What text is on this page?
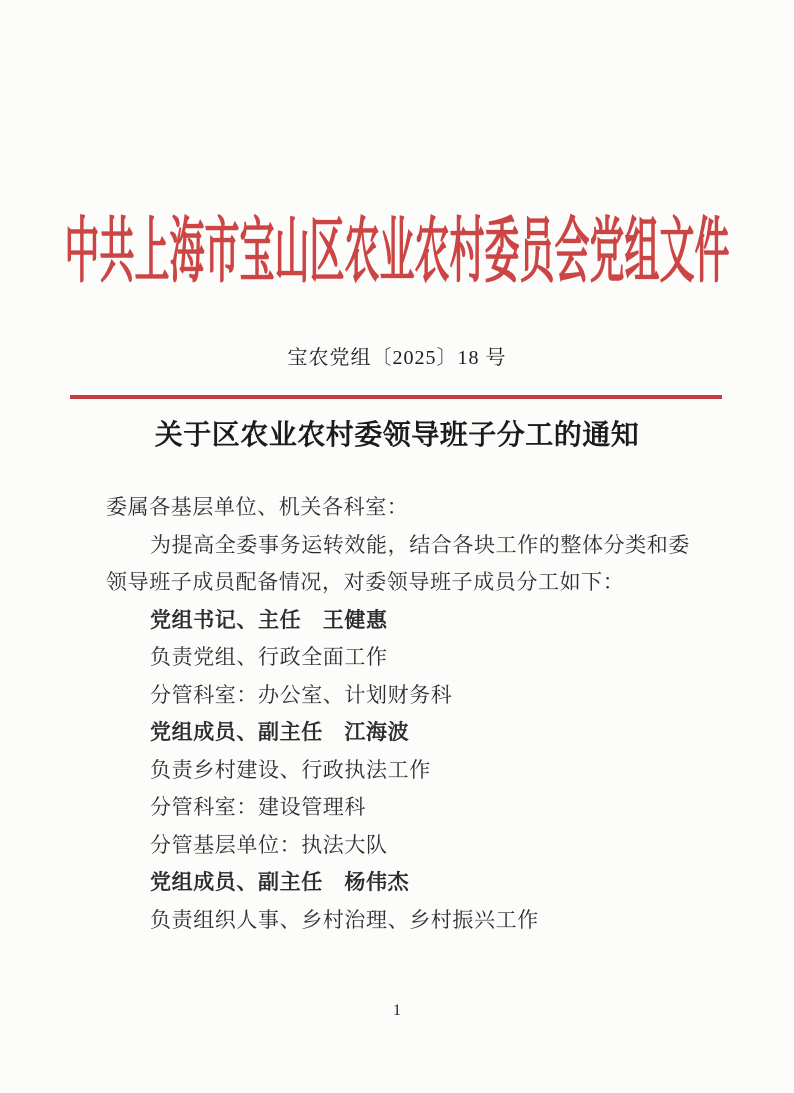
中共上海市宝山区农业农村委员会党组文件
宝农党组〔2025〕18 号
关于区农业农村委领导班子分工的通知
委属各基层单位、机关各科室：
为提高全委事务运转效能，结合各块工作的整体分类和委
领导班子成员配备情况，对委领导班子成员分工如下：
党组书记、主任　王健惠
负责党组、行政全面工作
分管科室：办公室、计划财务科
党组成员、副主任　江海波
负责乡村建设、行政执法工作
分管科室：建设管理科
分管基层单位：执法大队
党组成员、副主任　杨伟杰
负责组织人事、乡村治理、乡村振兴工作
1
